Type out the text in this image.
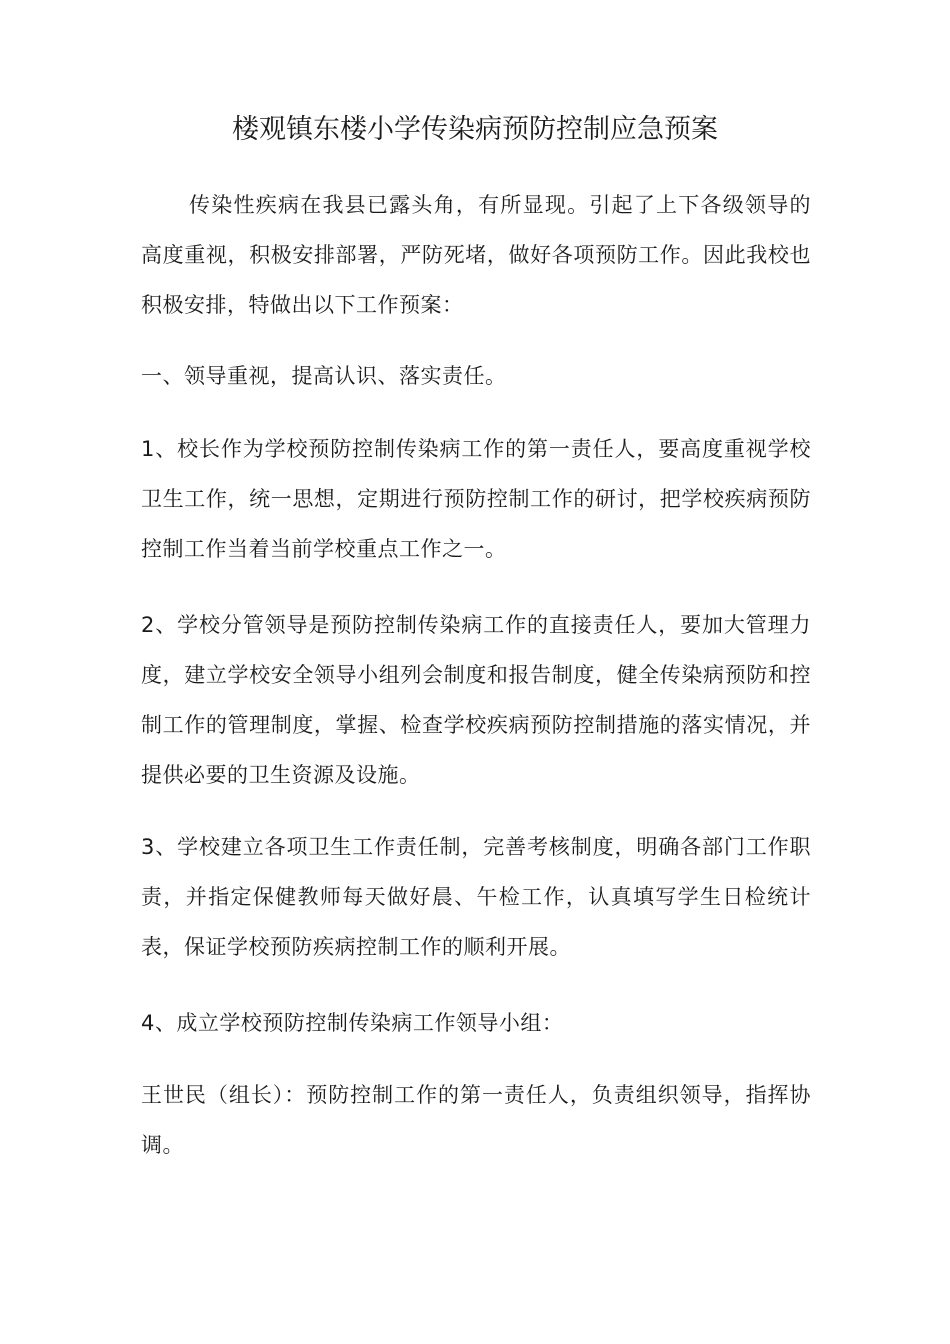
楼观镇东楼小学传染病预防控制应急预案

传染性疾病在我县已露头角，有所显现。引起了上下各级领导的高度重视，积极安排部署，严防死堵，做好各项预防工作。因此我校也积极安排，特做出以下工作预案：

一、领导重视，提高认识、落实责任。

1、校长作为学校预防控制传染病工作的第一责任人，要高度重视学校卫生工作，统一思想，定期进行预防控制工作的研讨，把学校疾病预防控制工作当着当前学校重点工作之一。

2、学校分管领导是预防控制传染病工作的直接责任人，要加大管理力度，建立学校安全领导小组列会制度和报告制度，健全传染病预防和控制工作的管理制度，掌握、检查学校疾病预防控制措施的落实情况，并提供必要的卫生资源及设施。

3、学校建立各项卫生工作责任制，完善考核制度，明确各部门工作职责，并指定保健教师每天做好晨、午检工作，认真填写学生日检统计表，保证学校预防疾病控制工作的顺利开展。

4、成立学校预防控制传染病工作领导小组：

王世民（组长）：预防控制工作的第一责任人，负责组织领导，指挥协调。
